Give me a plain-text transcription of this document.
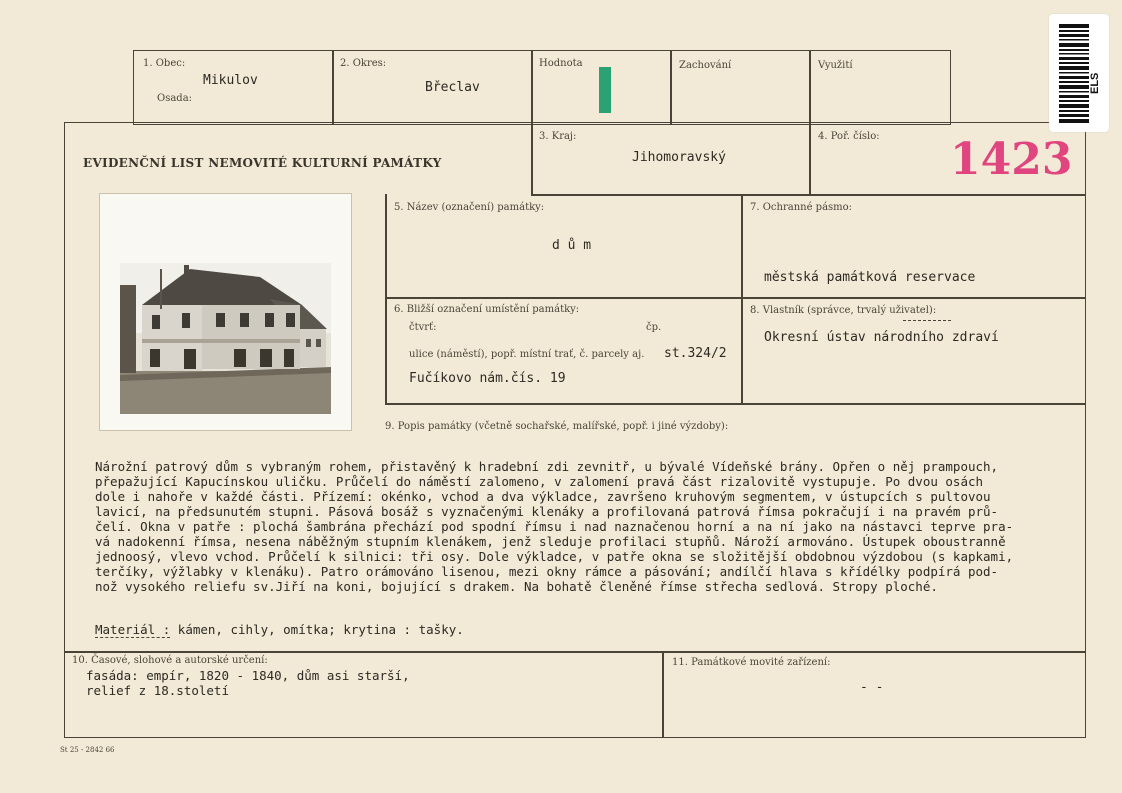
1. Obec:
Mikulov
Osada:
2. Okres:
Břeclav
Hodnota	Zachování	Využití
EVIDENČNÍ LIST NEMOVITÉ KULTURNÍ PAMÁTKY
3. Kraj:
Jihomoravský
4. Poř. číslo: 1423
5. Název (označení) památky:
d ů m
7. Ochranné pásmo:
městská památková reservace
6. Bližší označení umístění památky:
čtvrť:	čp.
ulice (náměstí), popř. místní trať, č. parcely aj. st.324/2
Fučíkovo nám.čís. 19
8. Vlastník (správce, trvalý uživatel):
Okresní ústav národního zdraví
9. Popis památky (včetně sochařské, malířské, popř. i jiné výzdoby):
Nárožní patrový dům s vybraným rohem, přistavěný k hradební zdi zevnitř, u bývalé Vídeňské brány. Opřen o něj prampouch,
přepažující Kapucínskou uličku. Průčelí do náměstí zalomeno, v zalomení pravá část rizalovitě vystupuje. Po dvou osách
dole i nahoře v každé části. Přízemí: okénko, vchod a dva výkladce, završeno kruhovým segmentem, v ústupcích s pultovou
lavicí, na předsunutém stupni. Pásová bosáž s vyznačenými klenáky a profilovaná patrová římsa pokračují i na pravém prů-
čelí. Okna v patře : plochá šambrána přechází pod spodní římsu i nad naznačenou horní a na ní jako na nástavci teprve pra-
vá nadokenní římsa, nesena náběžným stupním klenákem, jenž sleduje profilaci stupňů. Nároží armováno. Ústupek oboustranně
jednoosý, vlevo vchod. Průčelí k silnici: tři osy. Dole výkladce, v patře okna se složitější obdobnou výzdobou (s kapkami,
terčíky, výžlabky v klenáku). Patro orámováno lisenou, mezi okny rámce a pásování; andílčí hlava s křídélky podpírá pod-
nož vysokého reliefu sv.Jiří na koni, bojující s drakem. Na bohatě členěné římse střecha sedlová. Stropy ploché.
Materiál : kámen, cihly, omítka; krytina : tašky.
10. Časové, slohové a autorské určení:
fasáda: empír, 1820 - 1840, dům asi starší,
relief z 18.století
11. Památkové movité zařízení:
- -
St 25 - 2842 66
ELS
